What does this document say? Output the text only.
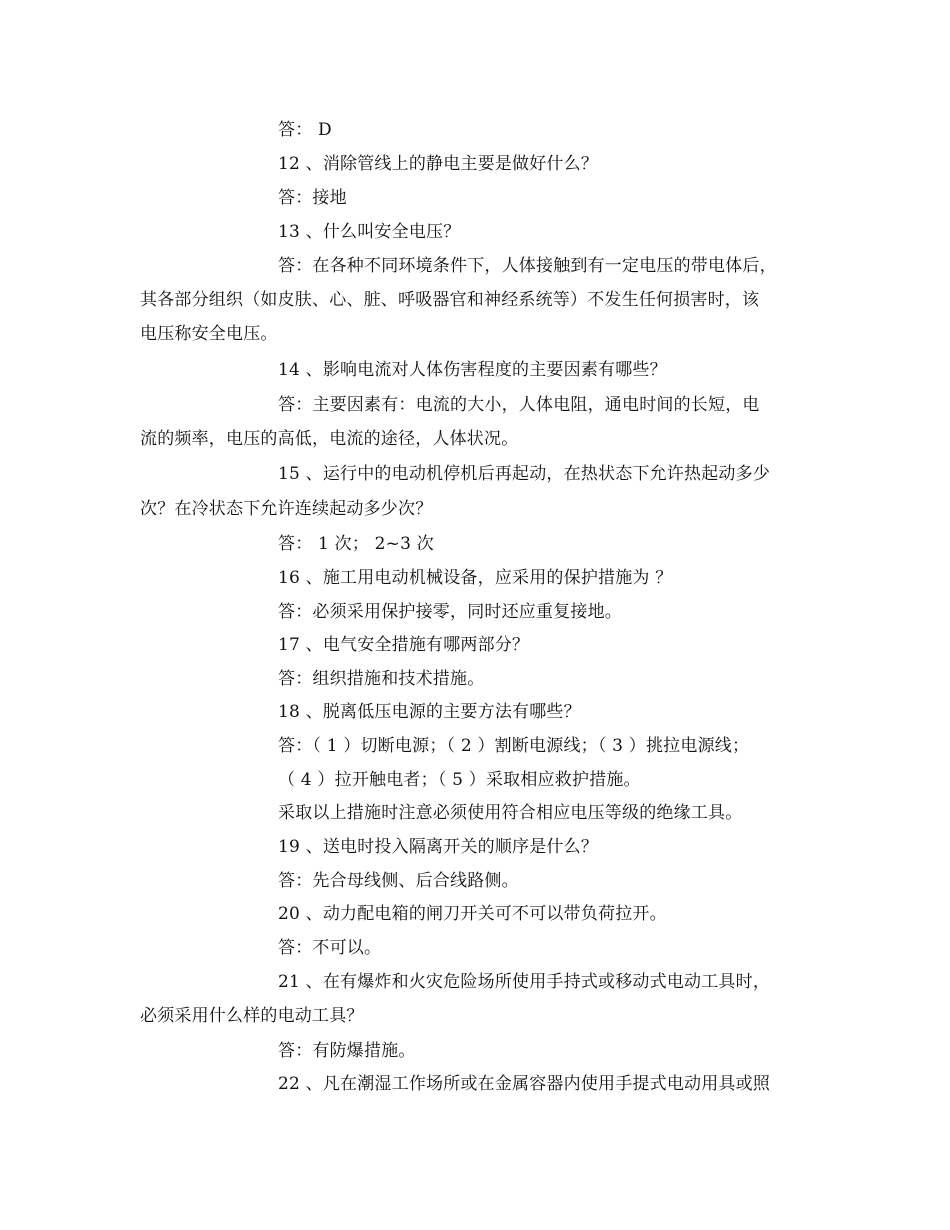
答： D
12 、消除管线上的静电主要是做好什么？
答：接地
13 、什么叫安全电压？
答：在各种不同环境条件下，人体接触到有一定电压的带电体后，
其各部分组织（如皮肤、心、脏、呼吸器官和神经系统等）不发生任何损害时，该
电压称安全电压。
14 、影响电流对人体伤害程度的主要因素有哪些？
答：主要因素有：电流的大小，人体电阻，通电时间的长短，电
流的频率，电压的高低，电流的途径，人体状况。
15 、运行中的电动机停机后再起动，在热状态下允许热起动多少
次？在冷状态下允许连续起动多少次？
答： 1 次； 2~3 次
16 、施工用电动机械设备，应采用的保护措施为 ？
答：必须采用保护接零，同时还应重复接地。
17 、电气安全措施有哪两部分？
答：组织措施和技术措施。
18 、脱离低压电源的主要方法有哪些？
答：（ 1 ）切断电源；（ 2 ）割断电源线；（ 3 ）挑拉电源线；
（ 4 ）拉开触电者；（ 5 ）采取相应救护措施。
采取以上措施时注意必须使用符合相应电压等级的绝缘工具。
19 、送电时投入隔离开关的顺序是什么？
答：先合母线侧、后合线路侧。
20 、动力配电箱的闸刀开关可不可以带负荷拉开。
答：不可以。
21 、在有爆炸和火灾危险场所使用手持式或移动式电动工具时，
必须采用什么样的电动工具？
答：有防爆措施。
22 、凡在潮湿工作场所或在金属容器内使用手提式电动用具或照
